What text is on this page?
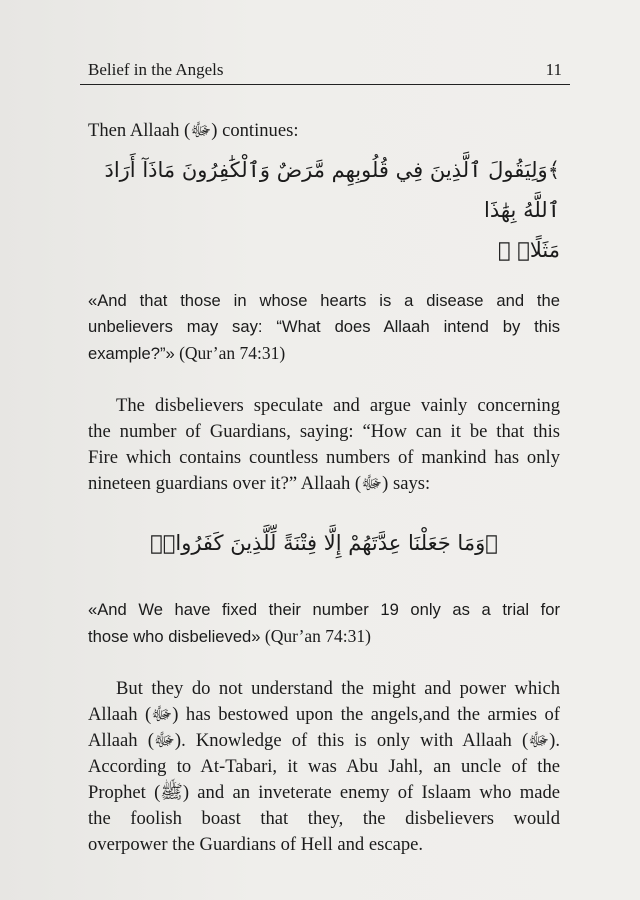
Belief in the Angels	11

Then Allaah (ﷻ) continues:

﴾وَلِيَقُولَ ٱلَّذِينَ فِي قُلُوبِهِم مَّرَضٌ وَٱلْكَٰفِرُونَ مَاذَآ أَرَادَ ٱللَّهُ بِهَٰذَا
مَثَلًاۚ ﴿
«And that those in whose hearts is a disease and the
unbelievers may say: “What does Allaah intend by this
example?”» (Qur’an 74:31)
The disbelievers speculate and argue vainly concerning
the number of Guardians, saying: “How can it be that this
Fire which contains countless numbers of mankind has only
nineteen guardians over it?” Allaah (ﷻ) says:
﴾وَمَا جَعَلْنَا عِدَّتَهُمْ إِلَّا فِتْنَةً لِّلَّذِينَ كَفَرُواۚ﴿
«And We have fixed their number 19 only as a trial for
those who disbelieved» (Qur’an 74:31)
But they do not understand the might and power which
Allaah (ﷻ) has bestowed upon the angels,and the armies of
Allaah (ﷻ). Knowledge of this is only with Allaah (ﷻ).
According to At-Tabari, it was Abu Jahl, an uncle of the
Prophet (ﷺ) and an inveterate enemy of Islaam who made
the foolish boast that they, the disbelievers would
overpower the Guardians of Hell and escape.
